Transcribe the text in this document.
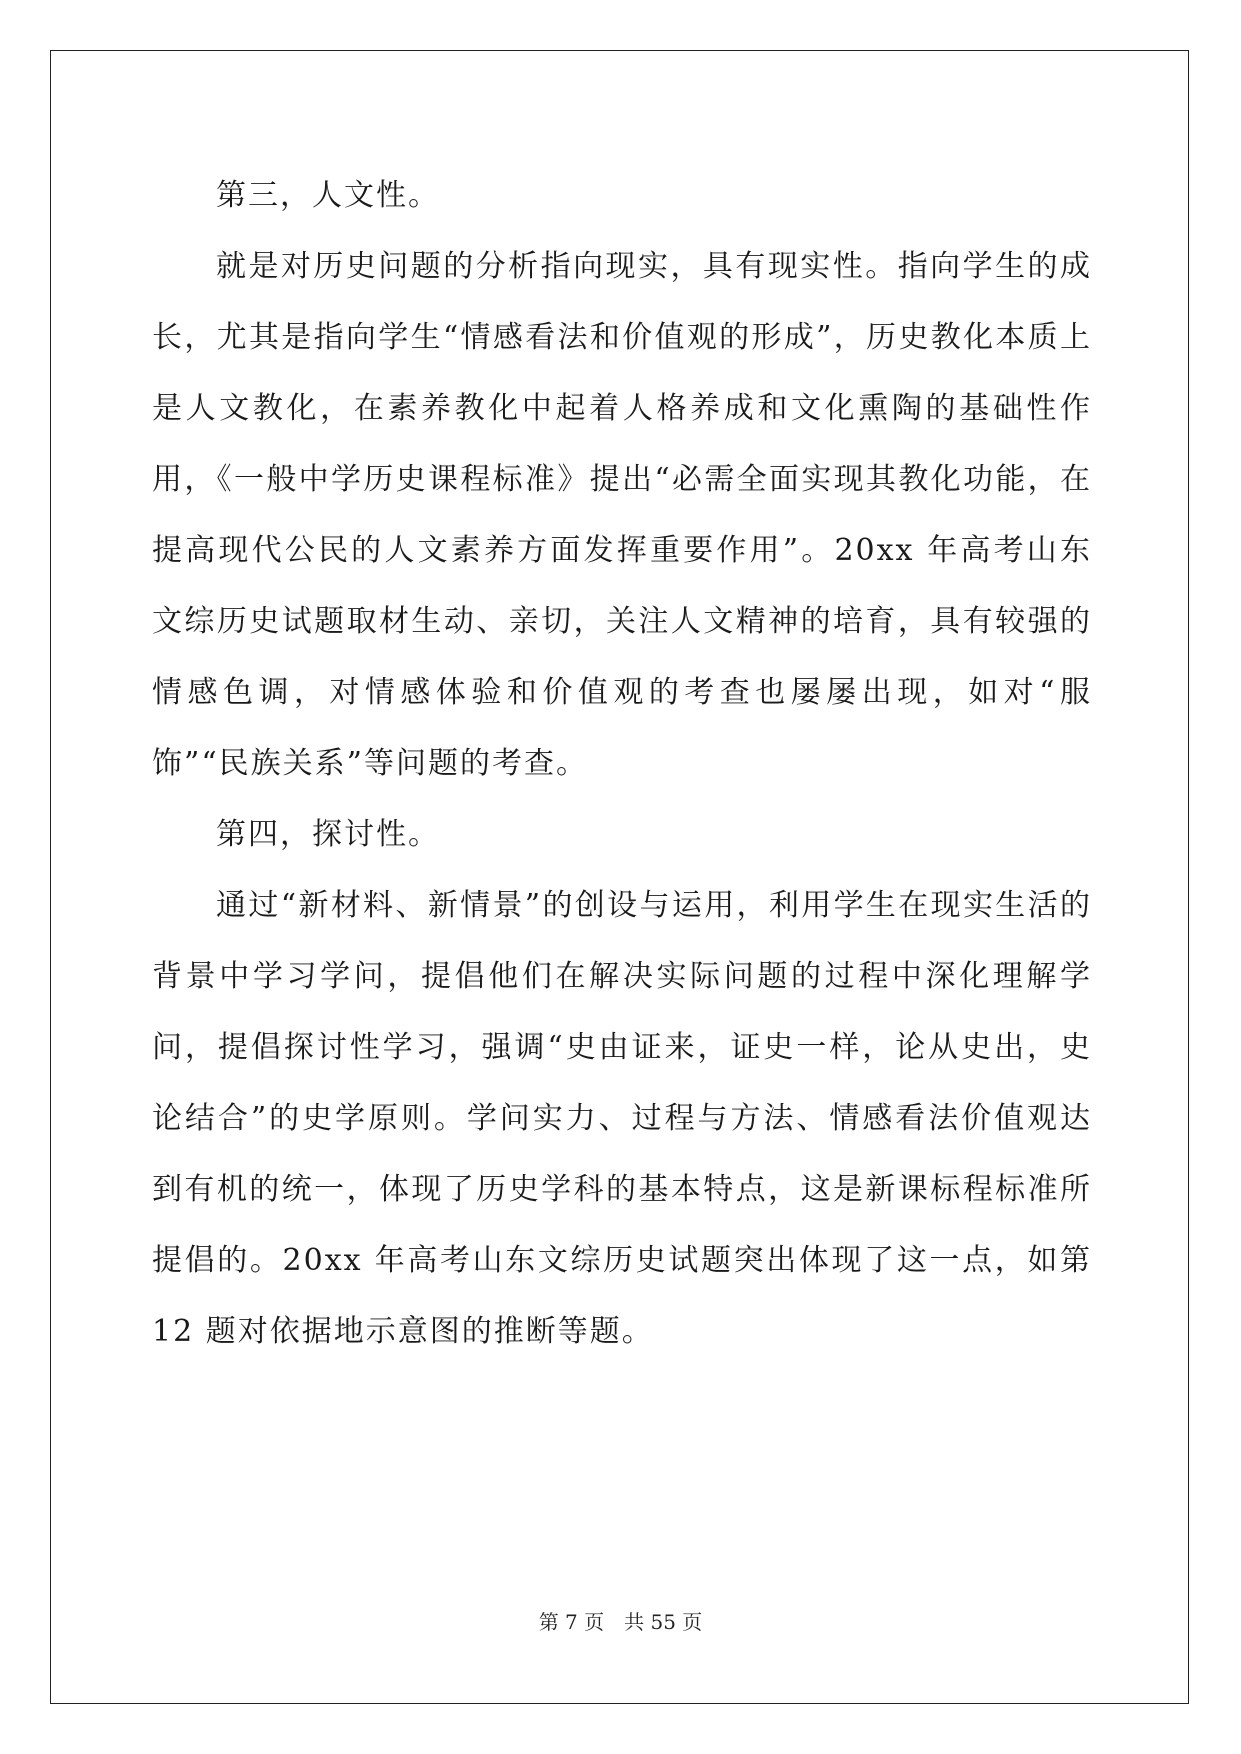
第三，人文性。

就是对历史问题的分析指向现实，具有现实性。指向学生的成长，尤其是指向学生“情感看法和价值观的形成”，历史教化本质上是人文教化，在素养教化中起着人格养成和文化熏陶的基础性作用，《一般中学历史课程标准》提出“必需全面实现其教化功能，在提高现代公民的人文素养方面发挥重要作用”。20xx 年高考山东文综历史试题取材生动、亲切，关注人文精神的培育，具有较强的情感色调，对情感体验和价值观的考查也屡屡出现，如对“服饰”“民族关系”等问题的考查。

第四，探讨性。

通过“新材料、新情景”的创设与运用，利用学生在现实生活的背景中学习学问，提倡他们在解决实际问题的过程中深化理解学问，提倡探讨性学习，强调“史由证来，证史一样，论从史出，史论结合”的史学原则。学问实力、过程与方法、情感看法价值观达到有机的统一，体现了历史学科的基本特点，这是新课标程标准所提倡的。20xx 年高考山东文综历史试题突出体现了这一点，如第 12 题对依据地示意图的推断等题。

第 7 页　共 55 页
